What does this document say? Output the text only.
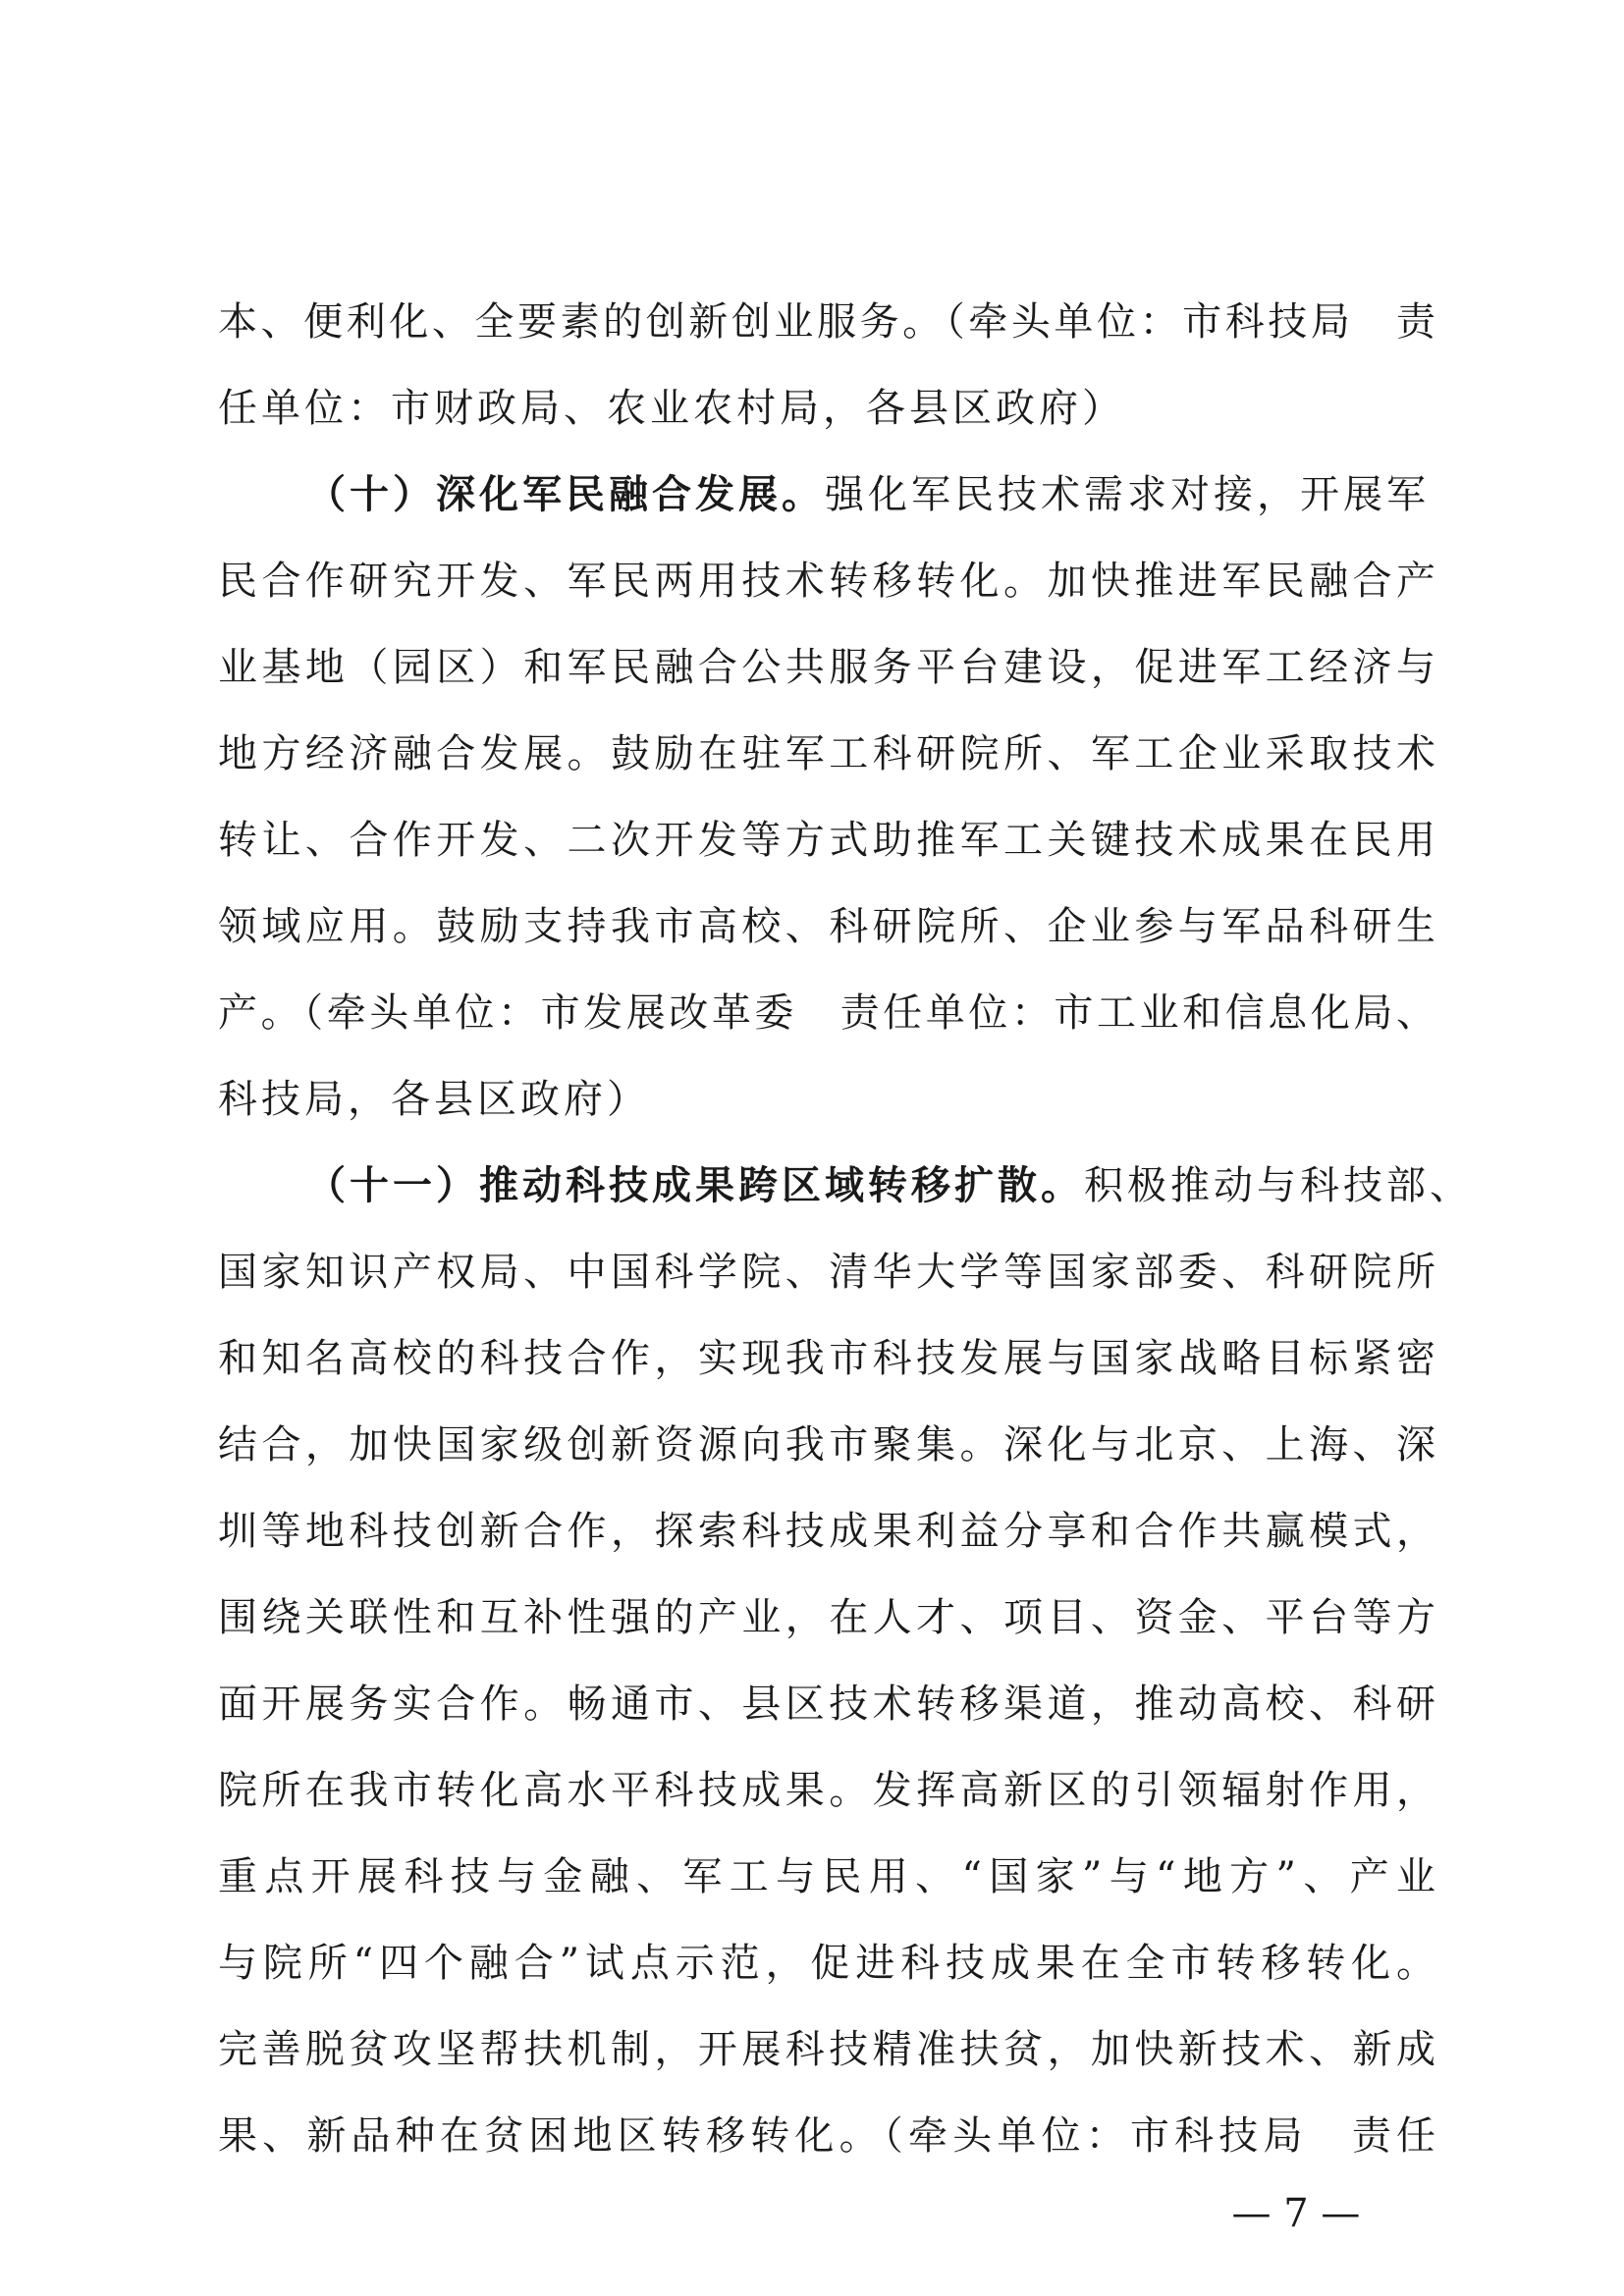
本、便利化、全要素的创新创业服务。（牵头单位：市科技局　责
任单位：市财政局、农业农村局，各县区政府）
（十）深化军民融合发展。强化军民技术需求对接，开展军
民合作研究开发、军民两用技术转移转化。加快推进军民融合产
业基地（园区）和军民融合公共服务平台建设，促进军工经济与
地方经济融合发展。鼓励在驻军工科研院所、军工企业采取技术
转让、合作开发、二次开发等方式助推军工关键技术成果在民用
领域应用。鼓励支持我市高校、科研院所、企业参与军品科研生
产。（牵头单位：市发展改革委　责任单位：市工业和信息化局、
科技局，各县区政府）
（十一）推动科技成果跨区域转移扩散。积极推动与科技部、
国家知识产权局、中国科学院、清华大学等国家部委、科研院所
和知名高校的科技合作，实现我市科技发展与国家战略目标紧密
结合，加快国家级创新资源向我市聚集。深化与北京、上海、深
圳等地科技创新合作，探索科技成果利益分享和合作共赢模式，
围绕关联性和互补性强的产业，在人才、项目、资金、平台等方
面开展务实合作。畅通市、县区技术转移渠道，推动高校、科研
院所在我市转化高水平科技成果。发挥高新区的引领辐射作用，
重点开展科技与金融、军工与民用、“国家”与“地方”、产业
与院所“四个融合”试点示范，促进科技成果在全市转移转化。
完善脱贫攻坚帮扶机制，开展科技精准扶贫，加快新技术、新成
果、新品种在贫困地区转移转化。（牵头单位：市科技局　责任
— 7 —
